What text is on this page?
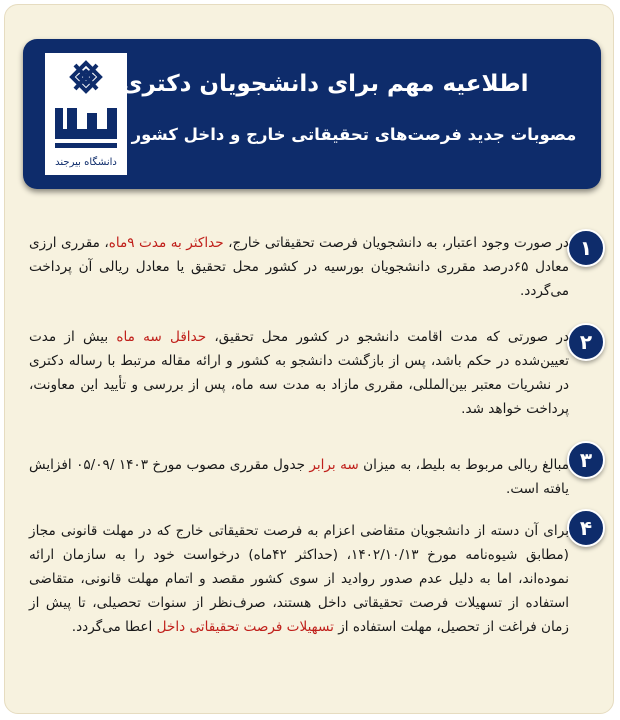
دانشگاه بیرجند
اطلاعیه مهم برای دانشجویان دکتری
مصوبات جدید فرصت‌های تحقیقاتی خارج و داخل کشور
۱
در صورت وجود اعتبار، به دانشجویان فرصت تحقیقاتی خارج، حداکثر به مدت ۹ماه، مقرری ارزی معادل ۶۵درصد مقرری دانشجویان بورسیه در کشور محل تحقیق یا معادل ریالی آن پرداخت می‌گردد.
۲
در صورتی که مدت اقامت دانشجو در کشور محل تحقیق، حداقل سه ماه بیش از مدت تعیین‌شده در حکم باشد، پس از بازگشت دانشجو به کشور و ارائه مقاله مرتبط با رساله دکتری در نشریات معتبر بین‌المللی، مقرری مازاد به مدت سه ماه، پس از بررسی و تأیید این معاونت، پرداخت خواهد شد.
۳
مبالغ ریالی مربوط به بلیط، به میزان سه برابر جدول مقرری مصوب مورخ ۱۴۰۳ /۰۵/۰۹ افزایش یافته است.
۴
برای آن دسته از دانشجویان متقاضی اعزام به فرصت تحقیقاتی خارج که در مهلت قانونی مجاز (مطابق شیوه‌نامه مورخ ۱۴۰۲/۱۰/۱۳، (حداکثر ۴۲ماه) درخواست خود را به سازمان ارائه نموده‌اند، اما به دلیل عدم صدور روادید از سوی کشور مقصد و اتمام مهلت قانونی، متقاضی استفاده از تسهیلات فرصت تحقیقاتی داخل هستند، صرف‌نظر از سنوات تحصیلی، تا پیش از زمان فراغت از تحصیل، مهلت استفاده از تسهیلات فرصت تحقیقاتی داخل اعطا می‌گردد.
